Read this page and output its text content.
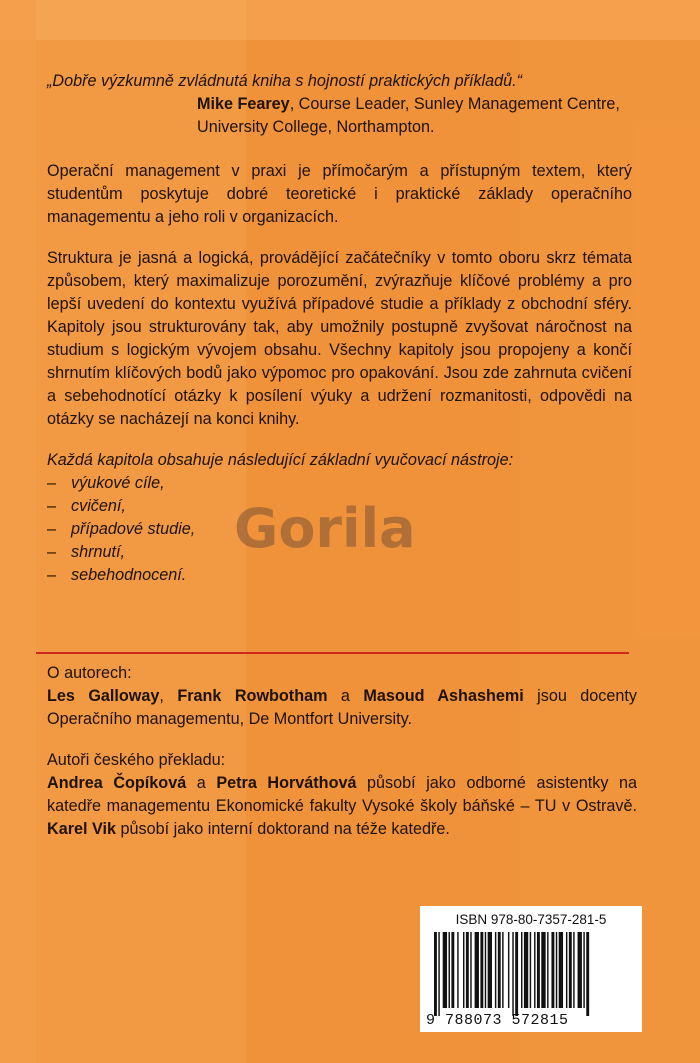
„Dobře výzkumně zvládnutá kniha s hojností praktických příkladů.“

Mike Fearey, Course Leader, Sunley Management Centre,
University College, Northampton.

Operační management v praxi je přímočarým a přístupným textem, který studentům poskytuje dobré teoretické i praktické základy operačního managementu a jeho roli v organizacích.

Struktura je jasná a logická, provádějící začátečníky v tomto oboru skrz témata způsobem, který maximalizuje porozumění, zvýrazňuje klíčové problémy a pro lepší uvedení do kontextu využívá případové studie a příklady z obchodní sféry. Kapitoly jsou strukturovány tak, aby umožnily postupně zvyšovat náročnost na studium s logickým vývojem obsahu. Všechny kapitoly jsou propojeny a končí shrnutím klíčových bodů jako výpomoc pro opakování. Jsou zde zahrnuta cvičení a sebehodnotící otázky k posílení výuky a udržení rozmanitosti, odpovědi na otázky se nacházejí na konci knihy.

Každá kapitola obsahuje následující základní vyučovací nástroje:

– výukové cíle,
– cvičení,
– případové studie,
– shrnutí,
– sebehodnocení.
Gorila

O autorech:

Les Galloway, Frank Rowbotham a Masoud Ashashemi jsou docenty Operačního managementu, De Montfort University.

Autoři českého překladu:

Andrea Čopíková a Petra Horváthová působí jako odborné asistentky na katedře managementu Ekonomické fakulty Vysoké školy báňské – TU v Ostravě. Karel Vik působí jako interní doktorand na téže katedře.

ISBN 978-80-7357-281-5
9 788073 572815
